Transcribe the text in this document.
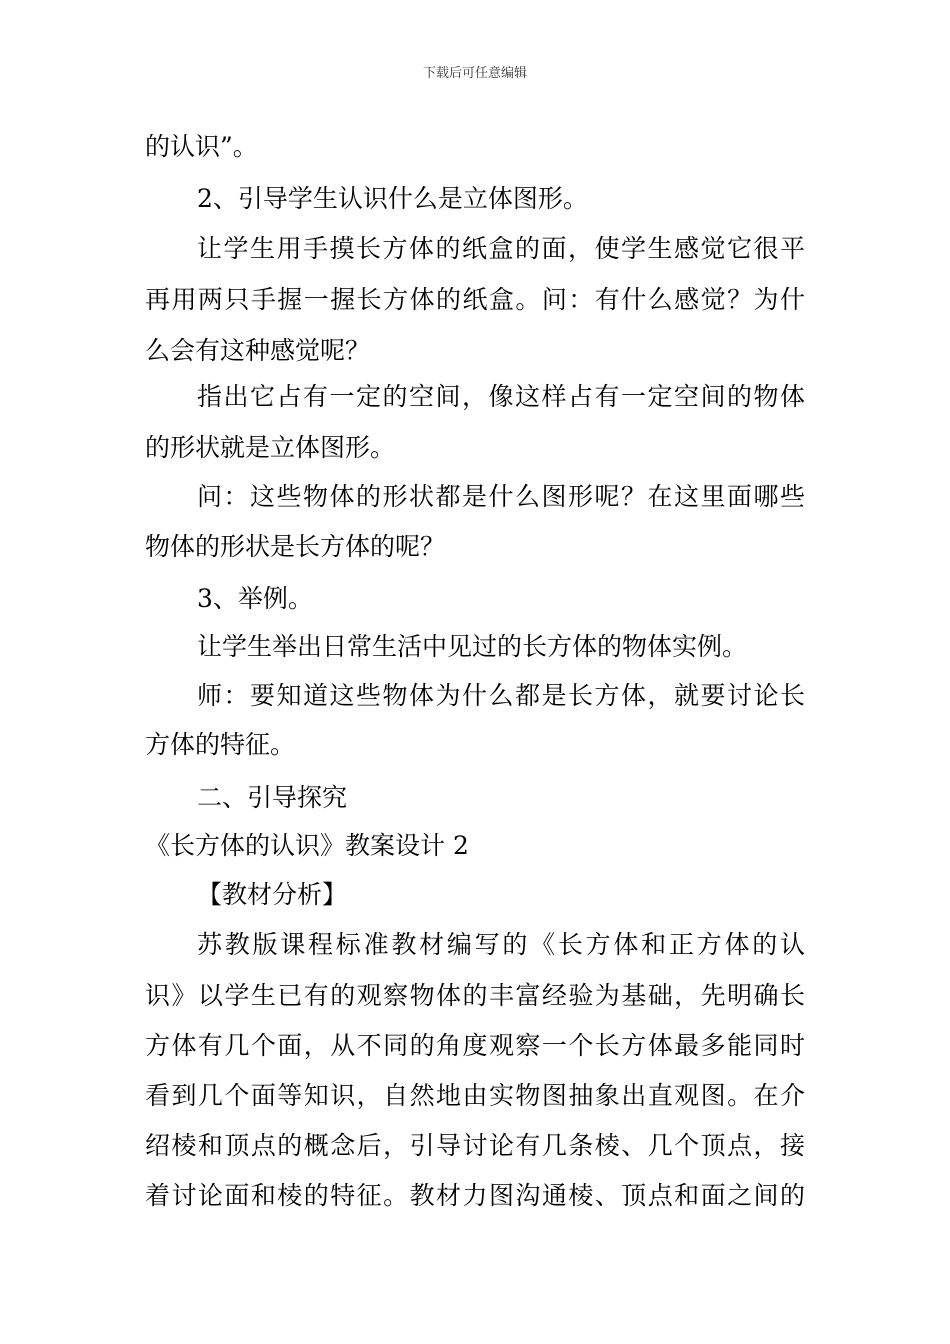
下载后可任意编辑
的认识”。
2、引导学生认识什么是立体图形。
让学生用手摸长方体的纸盒的面，使学生感觉它很平
再用两只手握一握长方体的纸盒。问：有什么感觉？为什
么会有这种感觉呢？
指出它占有一定的空间，像这样占有一定空间的物体
的形状就是立体图形。
问：这些物体的形状都是什么图形呢？在这里面哪些
物体的形状是长方体的呢？
3、举例。
让学生举出日常生活中见过的长方体的物体实例。
师：要知道这些物体为什么都是长方体，就要讨论长
方体的特征。
二、引导探究
《长方体的认识》教案设计 2
【教材分析】
苏教版课程标准教材编写的《长方体和正方体的认
识》以学生已有的观察物体的丰富经验为基础，先明确长
方体有几个面，从不同的角度观察一个长方体最多能同时
看到几个面等知识，自然地由实物图抽象出直观图。在介
绍棱和顶点的概念后，引导讨论有几条棱、几个顶点，接
着讨论面和棱的特征。教材力图沟通棱、顶点和面之间的
